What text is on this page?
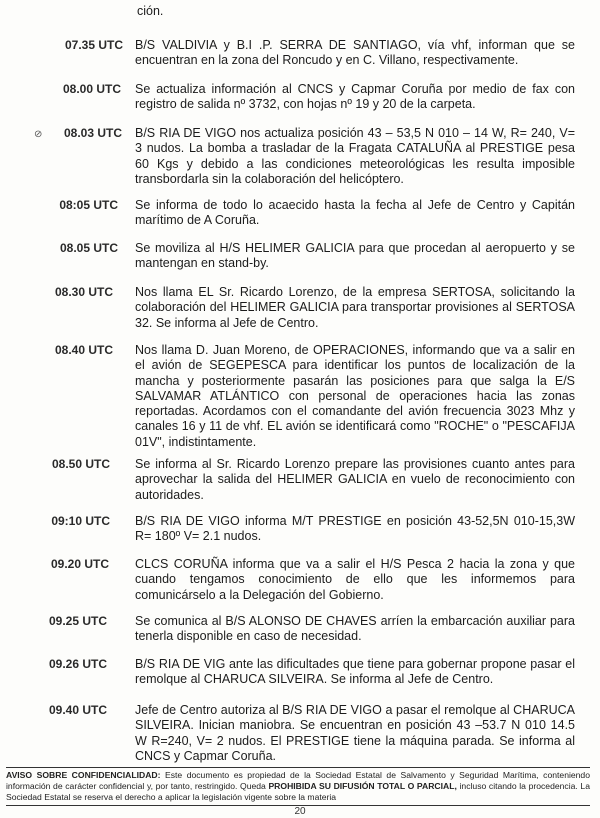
ción.
07.35 UTC B/S VALDIVIA y B.I .P. SERRA DE SANTIAGO, vía vhf, informan que se encuentran en la zona del Roncudo y en C. Villano, respectivamente.
08.00 UTC Se actualiza información al CNCS y Capmar Coruña por medio de fax con registro de salida nº 3732, con hojas nº 19 y 20 de la carpeta.
⊘	08.03 UTC B/S RIA DE VIGO nos actualiza posición 43 – 53,5 N 010 – 14 W, R= 240, V= 3 nudos. La bomba a trasladar de la Fragata CATALUÑA al PRESTIGE pesa 60 Kgs y debido a las condiciones meteorológicas les resulta imposible transbordarla sin la colaboración del helicóptero.
08:05 UTC Se informa de todo lo acaecido hasta la fecha al Jefe de Centro y Capitán marítimo de A Coruña.
08.05 UTC Se moviliza al H/S HELIMER GALICIA para que procedan al aeropuerto y se mantengan en stand-by.
08.30 UTC Nos llama EL Sr. Ricardo Lorenzo, de la empresa SERTOSA, solicitando la colaboración del HELIMER GALICIA para transportar provisiones al SERTOSA 32. Se informa al Jefe de Centro.
08.40 UTC Nos llama D. Juan Moreno, de OPERACIONES, informando que va a salir en el avión de SEGEPESCA para identificar los puntos de localización de la mancha y posteriormente pasarán las posiciones para que salga la E/S SALVAMAR ATLÁNTICO con personal de operaciones hacia las zonas reportadas. Acordamos con el comandante del avión frecuencia 3023 Mhz y canales 16 y 11 de vhf. EL avión se identificará como "ROCHE" o "PESCAFIJA 01V", indistintamente.
08.50 UTC Se informa al Sr. Ricardo Lorenzo prepare las provisiones cuanto antes para aprovechar la salida del HELIMER GALICIA en vuelo de reconocimiento con autoridades.
09:10 UTC B/S RIA DE VIGO informa M/T PRESTIGE en posición 43-52,5N 010-15,3W R= 180º V= 2.1 nudos.
09.20 UTC CLCS CORUÑA informa que va a salir el H/S Pesca 2 hacia la zona y que cuando tengamos conocimiento de ello que les informemos para comunicárselo a la Delegación del Gobierno.
09.25 UTC Se comunica al B/S ALONSO DE CHAVES arríen la embarcación auxiliar para tenerla disponible en caso de necesidad.
09.26 UTC B/S RIA DE VIG ante las dificultades que tiene para gobernar propone pasar el remolque al CHARUCA SILVEIRA. Se informa al Jefe de Centro.
09.40 UTC Jefe de Centro autoriza al B/S RIA DE VIGO a pasar el remolque al CHARUCA SILVEIRA. Inician maniobra. Se encuentran en posición 43 –53.7 N 010 14.5 W R=240, V= 2 nudos. El PRESTIGE tiene la máquina parada. Se informa al CNCS y Capmar Coruña.
AVISO SOBRE CONFIDENCIALIDAD: Este documento es propiedad de la Sociedad Estatal de Salvamento y Seguridad Marítima, conteniendo información de carácter confidencial y, por tanto, restringido. Queda PROHIBIDA SU DIFUSIÓN TOTAL O PARCIAL, incluso citando la procedencia. La Sociedad Estatal se reserva el derecho a aplicar la legislación vigente sobre la materia
20
